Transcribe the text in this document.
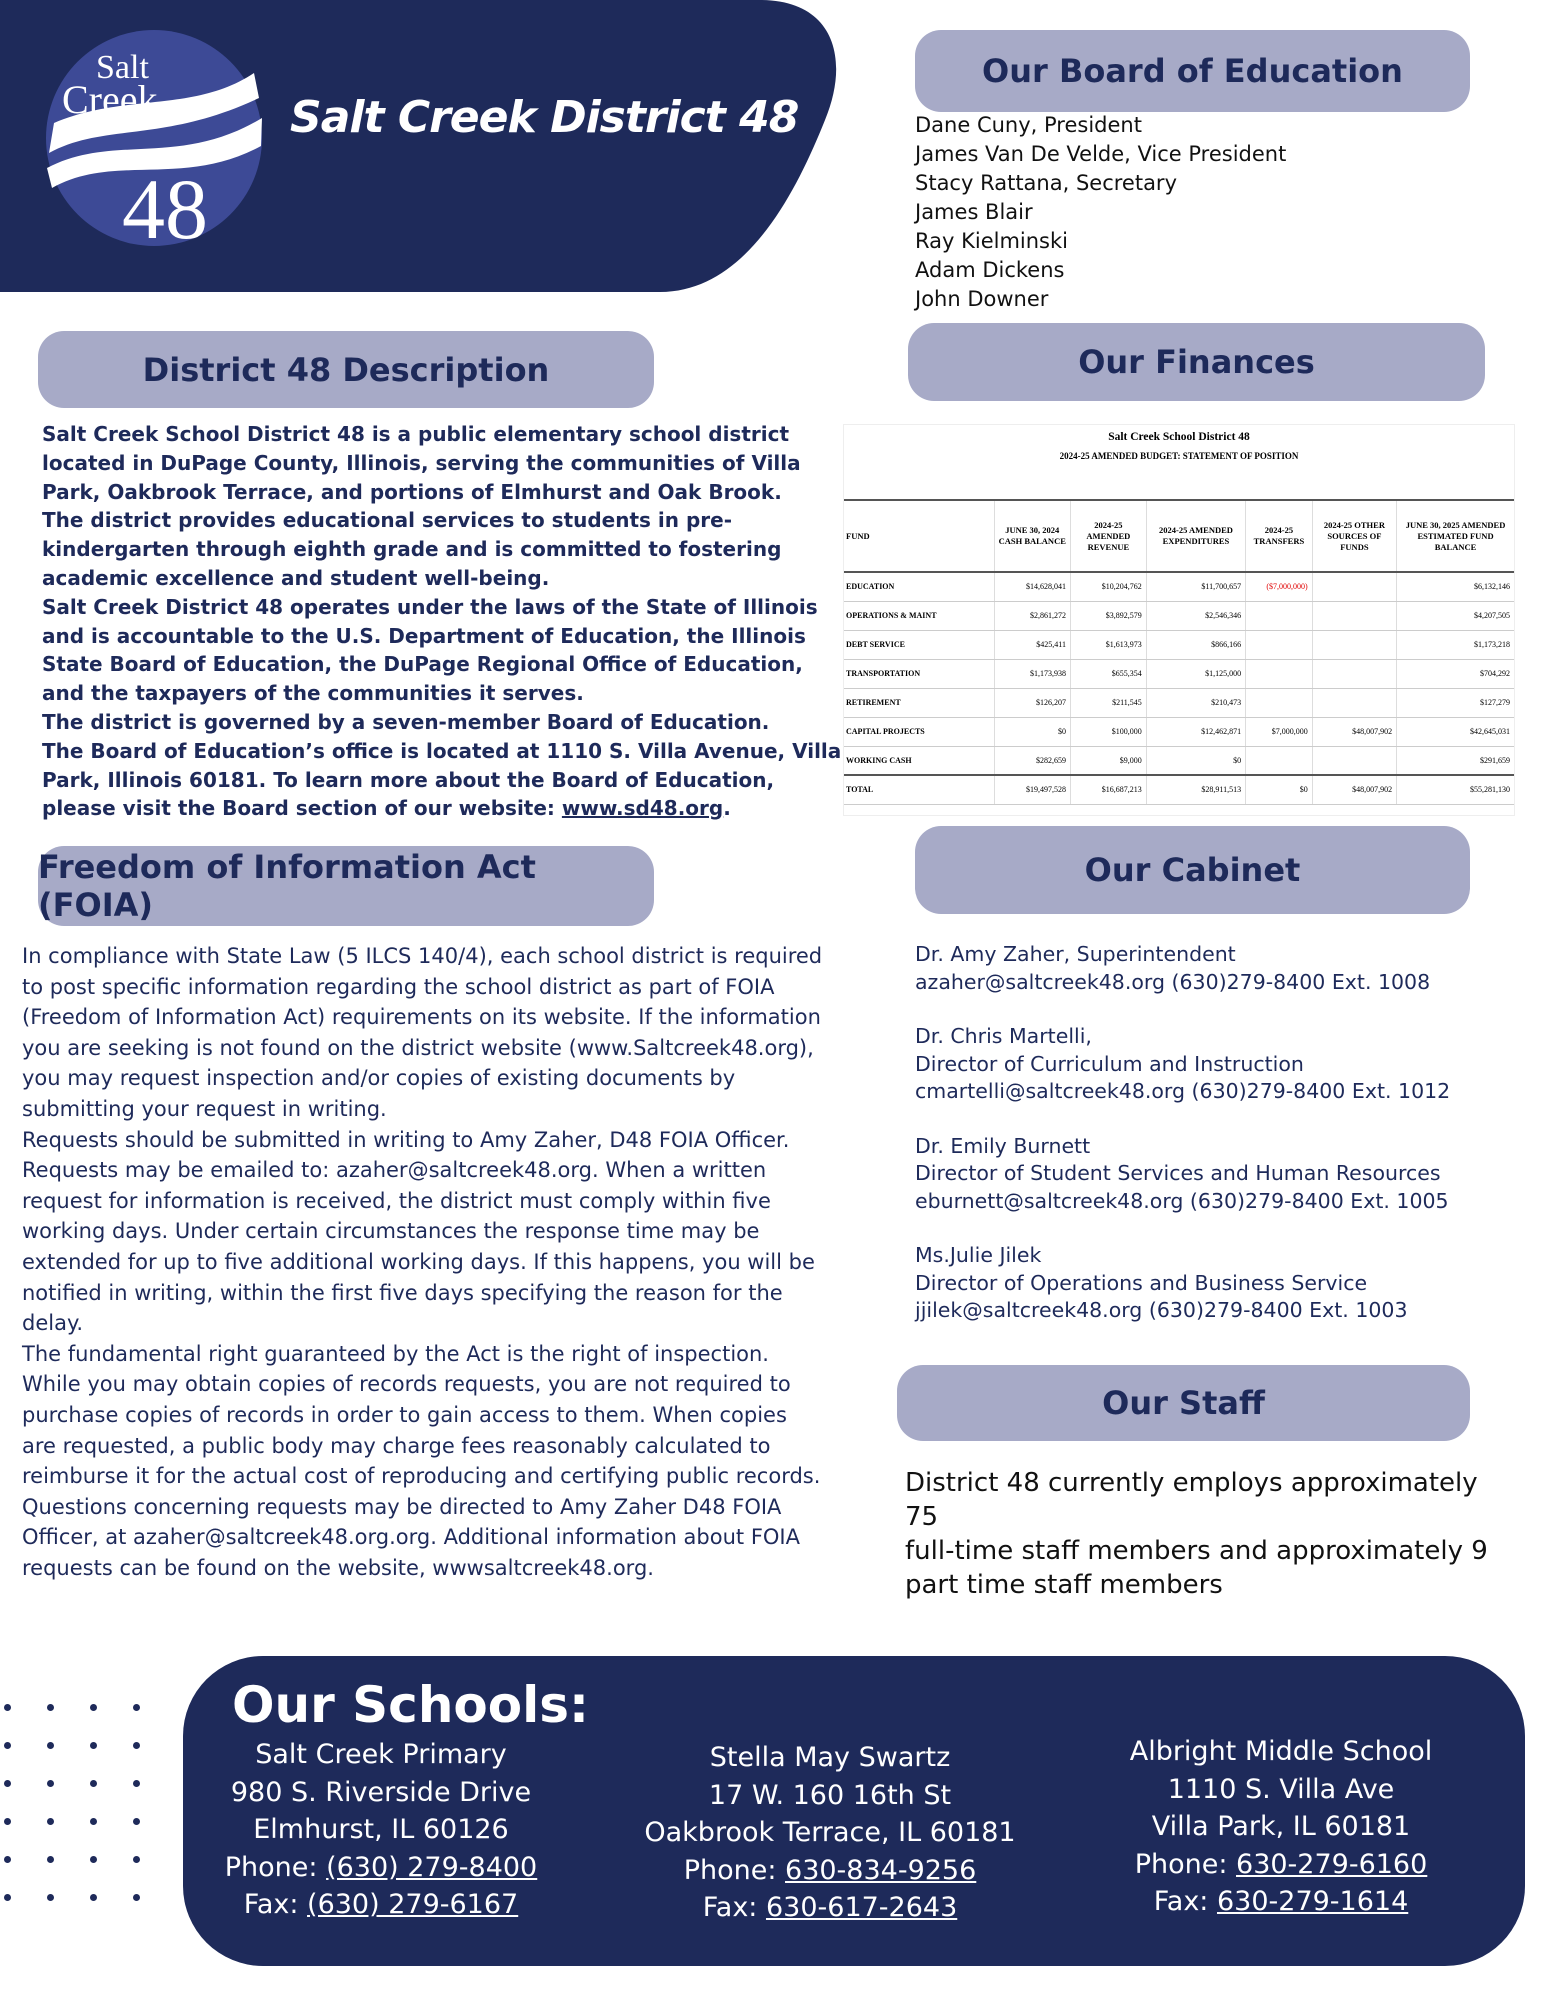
Salt
Creek
48
Salt Creek District 48
Our Board of Education
Dane Cuny, President
James Van De Velde, Vice President
Stacy Rattana, Secretary
James Blair
Ray Kielminski
Adam Dickens
John Downer
District 48 Description

Salt Creek School District 48 is a public elementary school district

located in DuPage County, Illinois, serving the communities of Villa

Park, Oakbrook Terrace, and portions of Elmhurst and Oak Brook.

The district provides educational services to students in pre-

kindergarten through eighth grade and is committed to fostering

academic excellence and student well-being.

Salt Creek District 48 operates under the laws of the State of Illinois

and is accountable to the U.S. Department of Education, the Illinois

State Board of Education, the DuPage Regional Office of Education,

and the taxpayers of the communities it serves.

The district is governed by a seven-member Board of Education.

The Board of Education’s office is located at 1110 S. Villa Avenue, Villa

Park, Illinois 60181. To learn more about the Board of Education,

please visit the Board section of our website: www.sd48.org.

Our Finances
Salt Creek School District 48
2024-25 AMENDED BUDGET: STATEMENT OF POSITION
FUND	JUNE 30, 2024 CASH BALANCE	2024-25 AMENDED REVENUE	2024-25 AMENDED EXPENDITURES	2024-25 TRANSFERS	2024-25 OTHER SOURCES OF FUNDS	JUNE 30, 2025 AMENDED ESTIMATED FUND BALANCE
EDUCATION	$14,628,041	$10,204,762	$11,700,657	($7,000,000)		$6,132,146
OPERATIONS & MAINT	$2,861,272	$3,892,579	$2,546,346			$4,207,505
DEBT SERVICE	$425,411	$1,613,973	$866,166			$1,173,218
TRANSPORTATION	$1,173,938	$655,354	$1,125,000			$704,292
RETIREMENT	$126,207	$211,545	$210,473			$127,279
CAPITAL PROJECTS	$0	$100,000	$12,462,871	$7,000,000	$48,007,902	$42,645,031
WORKING CASH	$282,659	$9,000	$0			$291,659
TOTAL	$19,497,528	$16,687,213	$28,911,513	$0	$48,007,902	$55,281,130
Freedom of Information Act (FOIA)

In compliance with State Law (5 ILCS 140/4), each school district is required

to post specific information regarding the school district as part of FOIA

(Freedom of Information Act) requirements on its website. If the information

you are seeking is not found on the district website (www.Saltcreek48.org),

you may request inspection and/or copies of existing documents by

submitting your request in writing.

Requests should be submitted in writing to Amy Zaher, D48 FOIA Officer.

Requests may be emailed to: azaher@saltcreek48.org. When a written

request for information is received, the district must comply within five

working days. Under certain circumstances the response time may be

extended for up to five additional working days. If this happens, you will be

notified in writing, within the first five days specifying the reason for the

delay.

The fundamental right guaranteed by the Act is the right of inspection.

While you may obtain copies of records requests, you are not required to

purchase copies of records in order to gain access to them. When copies

are requested, a public body may charge fees reasonably calculated to

reimburse it for the actual cost of reproducing and certifying public records.

Questions concerning requests may be directed to Amy Zaher D48 FOIA

Officer, at azaher@saltcreek48.org.org. Additional information about FOIA

requests can be found on the website, wwwsaltcreek48.org.

Our Cabinet
Dr. Amy Zaher, Superintendent
azaher@saltcreek48.org (630)279-8400 Ext. 1008
Dr. Chris Martelli,
Director of Curriculum and Instruction
cmartelli@saltcreek48.org (630)279-8400 Ext. 1012
Dr. Emily Burnett
Director of Student Services and Human Resources
eburnett@saltcreek48.org (630)279-8400 Ext. 1005
Ms.Julie Jilek
Director of Operations and Business Service
jjilek@saltcreek48.org (630)279-8400 Ext. 1003
Our Staff
District 48 currently employs approximately 75
full-time staff members and approximately 9
part time staff members
Our Schools:
Salt Creek Primary
980 S. Riverside Drive
Elmhurst, IL 60126
Phone: (630) 279-8400
Fax: (630) 279-6167
Stella May Swartz
17 W. 160 16th St
Oakbrook Terrace, IL 60181
Phone: 630-834-9256
Fax: 630-617-2643
Albright Middle School
1110 S. Villa Ave
Villa Park, IL 60181
Phone: 630-279-6160
Fax: 630-279-1614
